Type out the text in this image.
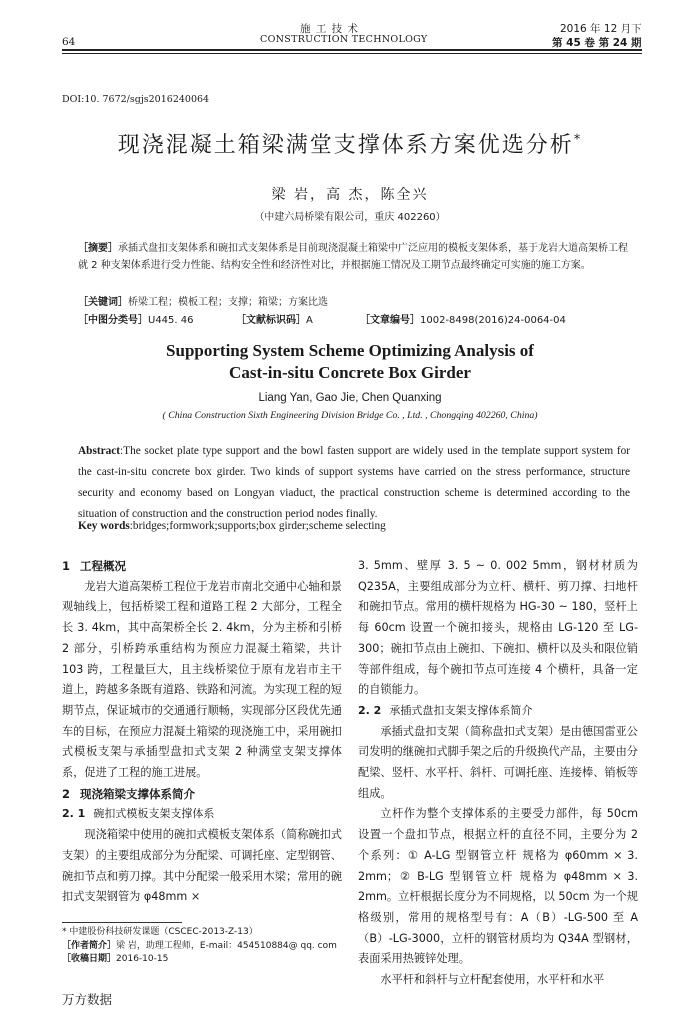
施 工 技 术
CONSTRUCTION TECHNOLOGY
64
2016 年 12 月下
第 45 卷 第 24 期
DOI:10. 7672/sgjs2016240064
现浇混凝土箱梁满堂支撑体系方案优选分析*
梁 岩，高 杰，陈全兴
（中建六局桥梁有限公司，重庆 402260）
［摘要］承插式盘扣支架体系和碗扣式支架体系是目前现浇混凝土箱梁中广泛应用的模板支架体系，基于龙岩大道高架桥工程就 2 种支架体系进行受力性能、结构安全性和经济性对比，并根据施工情况及工期节点最终确定可实施的施工方案。
［关键词］桥梁工程；模板工程；支撑；箱梁；方案比选
［中图分类号］U445. 46	［文献标识码］A	［文章编号］1002-8498(2016)24-0064-04
Supporting System Scheme Optimizing Analysis of
Cast-in-situ Concrete Box Girder
Liang Yan, Gao Jie, Chen Quanxing
( China Construction Sixth Engineering Division Bridge Co. , Ltd. , Chongqing 402260, China)
Abstract:The socket plate type support and the bowl fasten support are widely used in the template support system for the cast-in-situ concrete box girder. Two kinds of support systems have carried on the stress performance, structure security and economy based on Longyan viaduct, the practical construction scheme is determined according to the situation of construction and the construction period nodes finally.
Key words:bridges;formwork;supports;box girder;scheme selecting

1 工程概况

龙岩大道高架桥工程位于龙岩市南北交通中心轴和景观轴线上，包括桥梁工程和道路工程 2 大部分，工程全长 3. 4km，其中高架桥全长 2. 4km，分为主桥和引桥 2 部分，引桥跨承重结构为预应力混凝土箱梁，共计 103 跨，工程量巨大，且主线桥梁位于原有龙岩市主干道上，跨越多条既有道路、铁路和河流。为实现工程的短期节点，保证城市的交通通行顺畅，实现部分区段优先通车的目标，在预应力混凝土箱梁的现浇施工中，采用碗扣式模板支架与承插型盘扣式支架 2 种满堂支架支撑体系，促进了工程的施工进展。

2 现浇箱梁支撑体系简介

2. 1 碗扣式模板支架支撑体系

现浇箱梁中使用的碗扣式模板支架体系（简称碗扣式支架）的主要组成部分为分配梁、可调托座、定型钢管、碗扣节点和剪刀撑。其中分配梁一般采用木梁；常用的碗扣式支架钢管为 φ48mm ×

* 中建股份科技研发课题（CSCEC-2013-Z-13）
［作者简介］梁 岩，助理工程师，E-mail：454510884@ qq. com
［收稿日期］2016-10-15

3. 5mm、壁厚 3. 5 ~ 0. 002 5mm，钢材材质为 Q235A，主要组成部分为立杆、横杆、剪刀撑、扫地杆和碗扣节点。常用的横杆规格为 HG-30 ~ 180，竖杆上每 60cm 设置一个碗扣接头，规格由 LG-120 至 LG-300；碗扣节点由上碗扣、下碗扣、横杆以及头和限位销等部件组成，每个碗扣节点可连接 4 个横杆，具备一定的自锁能力。

2. 2 承插式盘扣支架支撑体系简介

承插式盘扣支架（简称盘扣式支架）是由德国雷亚公司发明的继碗扣式脚手架之后的升级换代产品，主要由分配梁、竖杆、水平杆、斜杆、可调托座、连接棒、销板等组成。

立杆作为整个支撑体系的主要受力部件，每 50cm 设置一个盘扣节点，根据立杆的直径不同，主要分为 2 个系列：① A-LG 型钢管立杆 规格为 φ60mm × 3. 2mm；② B-LG 型钢管立杆 规格为 φ48mm × 3. 2mm。立杆根据长度分为不同规格，以 50cm 为一个规格级别，常用的规格型号有：A（B）-LG-500 至 A（B）-LG-3000，立杆的钢管材质均为 Q34A 型钢材，表面采用热镀锌处理。

水平杆和斜杆与立杆配套使用，水平杆和水平

万方数据
